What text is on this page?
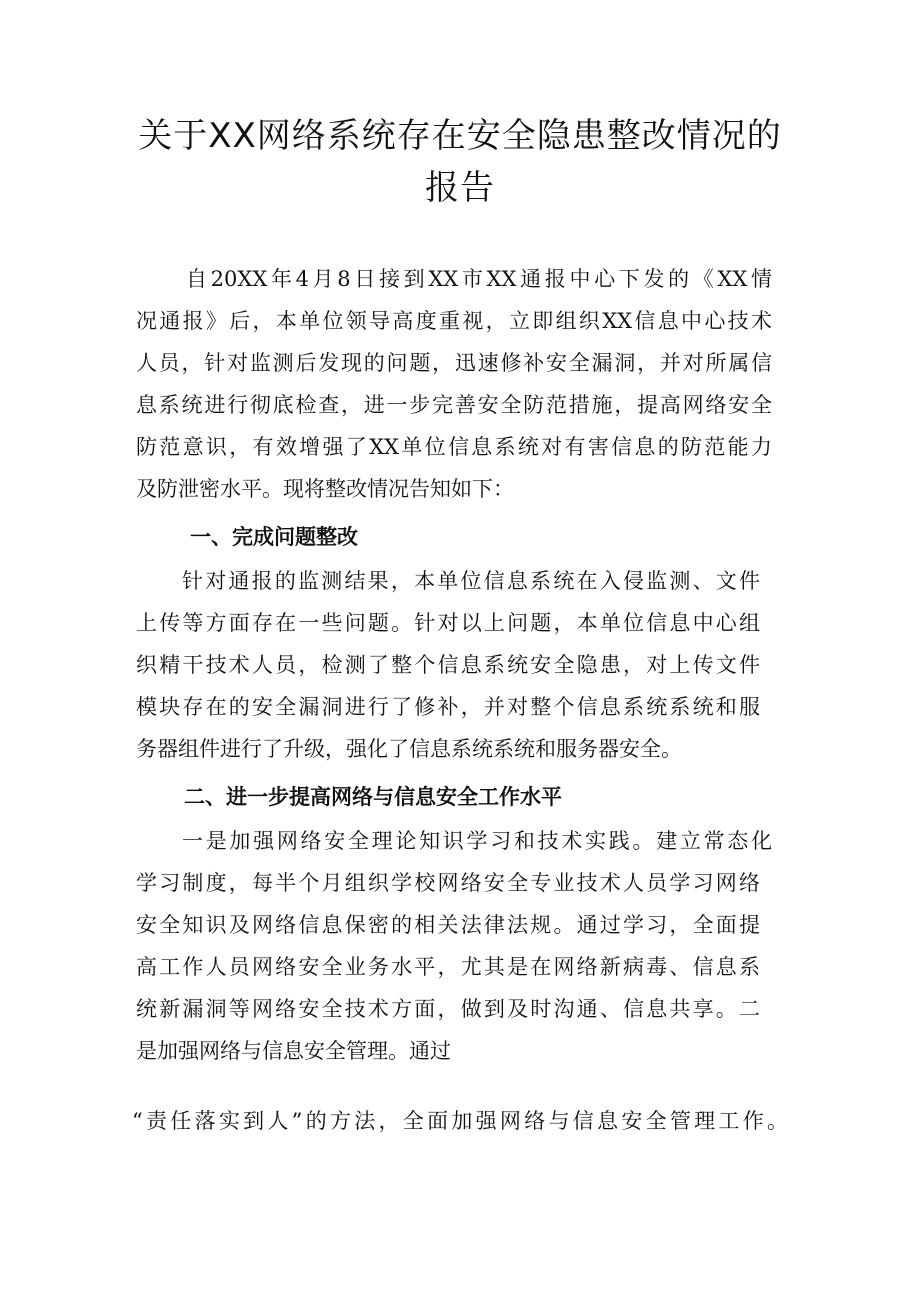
关于XX网络系统存在安全隐患整改情况的
报告

自20XX年4月8日接到XX市XX通报中心下发的《XX情

况通报》后，本单位领导高度重视，立即组织XX信息中心技术

人员，针对监测后发现的问题，迅速修补安全漏洞，并对所属信

息系统进行彻底检查，进一步完善安全防范措施，提高网络安全

防范意识，有效增强了XX单位信息系统对有害信息的防范能力

及防泄密水平。现将整改情况告知如下：

一、完成问题整改

针对通报的监测结果，本单位信息系统在入侵监测、文件

上传等方面存在一些问题。针对以上问题，本单位信息中心组

织精干技术人员，检测了整个信息系统安全隐患，对上传文件

模块存在的安全漏洞进行了修补，并对整个信息系统系统和服

务器组件进行了升级，强化了信息系统系统和服务器安全。

二、进一步提高网络与信息安全工作水平

一是加强网络安全理论知识学习和技术实践。建立常态化

学习制度，每半个月组织学校网络安全专业技术人员学习网络

安全知识及网络信息保密的相关法律法规。通过学习，全面提

高工作人员网络安全业务水平，尤其是在网络新病毒、信息系

统新漏洞等网络安全技术方面，做到及时沟通、信息共享。二

是加强网络与信息安全管理。通过

“责任落实到人”的方法，全面加强网络与信息安全管理工作。
